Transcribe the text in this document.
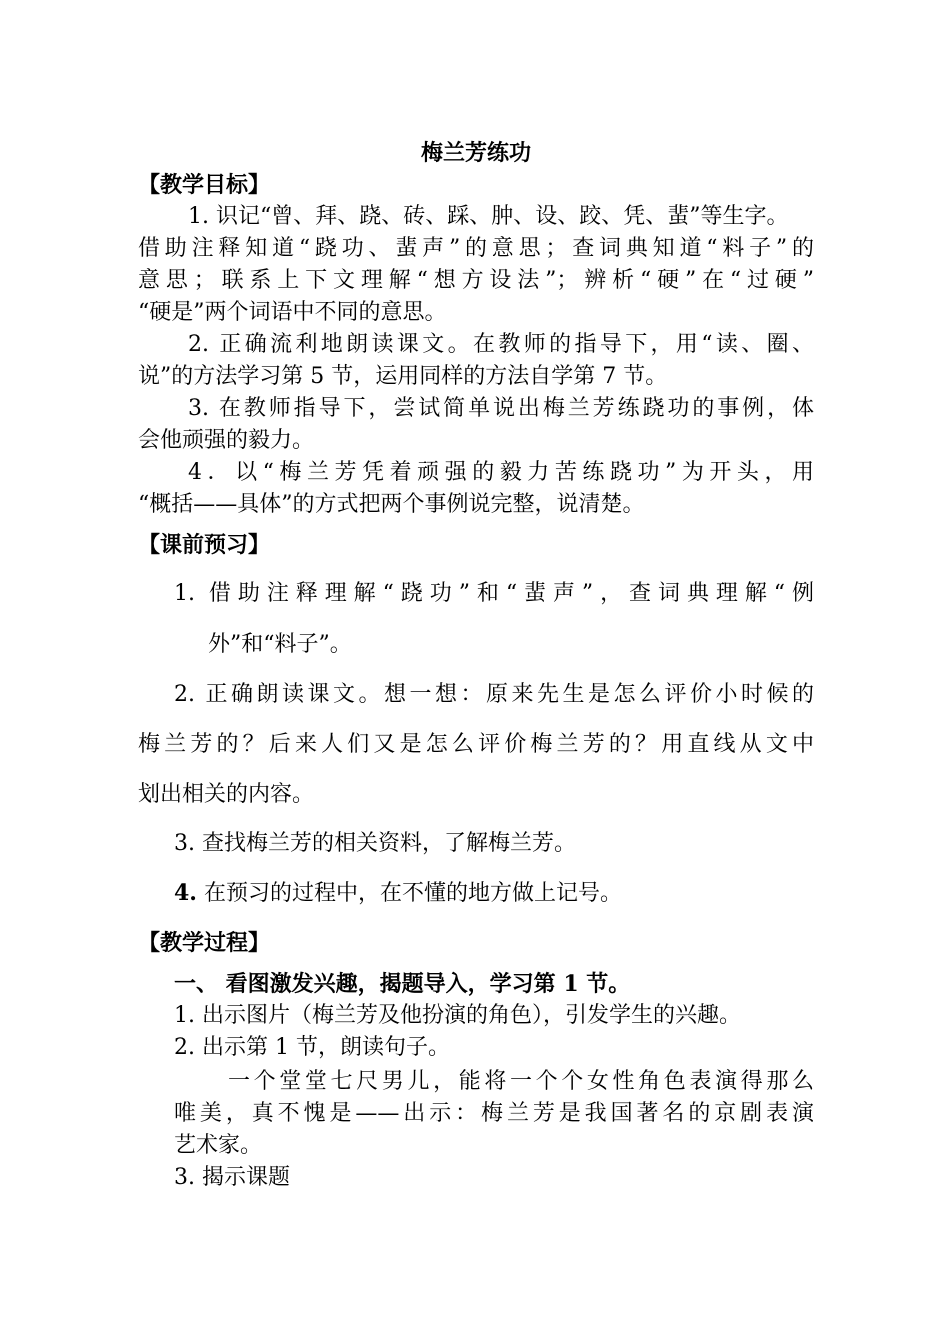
梅兰芳练功
【教学目标】
1. 识记“曾、拜、跷、砖、踩、肿、设、跤、凭、蜚”等生字。
借助注释知道“跷功、蜚声”的意思；查词典知道“料子”的
意思；联系上下文理解“想方设法”；辨析“硬”在“过硬”
“硬是”两个词语中不同的意思。
2. 正确流利地朗读课文。在教师的指导下，用“读、圈、
说”的方法学习第 5 节，运用同样的方法自学第 7 节。
3. 在教师指导下，尝试简单说出梅兰芳练跷功的事例，体
会他顽强的毅力。
4．以“梅兰芳凭着顽强的毅力苦练跷功”为开头，用
“概括——具体”的方式把两个事例说完整，说清楚。
【课前预习】
1. 借助注释理解“跷功”和“蜚声”，查词典理解“例
外”和“料子”。
2. 正确朗读课文。想一想：原来先生是怎么评价小时候的
梅兰芳的？后来人们又是怎么评价梅兰芳的？用直线从文中
划出相关的内容。
3. 查找梅兰芳的相关资料，了解梅兰芳。
4. 在预习的过程中，在不懂的地方做上记号。
【教学过程】
一、 看图激发兴趣，揭题导入，学习第 1 节。
1. 出示图片（梅兰芳及他扮演的角色），引发学生的兴趣。
2. 出示第 1 节，朗读句子。
一个堂堂七尺男儿，能将一个个女性角色表演得那么
唯美，真不愧是——出示：梅兰芳是我国著名的京剧表演
艺术家。
3. 揭示课题
